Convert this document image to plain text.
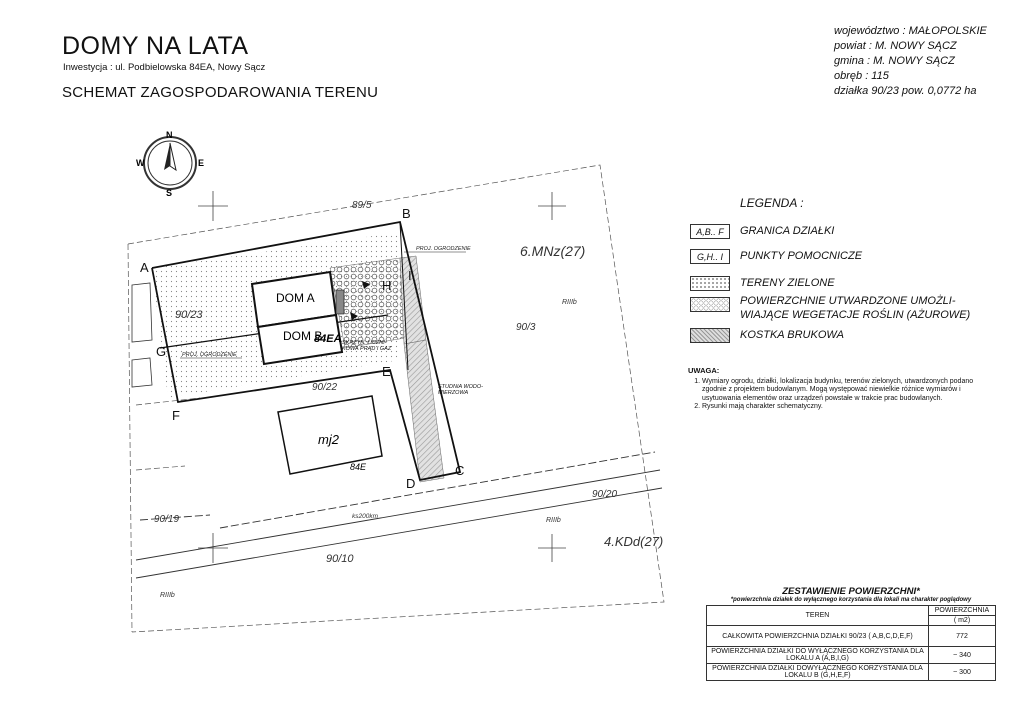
DOMY NA LATA
Inwestycja : ul. Podbielowska 84EA, Nowy Sącz
SCHEMAT ZAGOSPODAROWANIA TERENU
województwo : MAŁOPOLSKIE
powiat : M. NOWY SĄCZ
gmina : M. NOWY SĄCZ
obręb : 115
działka 90/23 pow. 0,0772 ha
N
S
E
W
DOM A
DOM B
84EA
mj2
84E
A
B
C
D
E
F
G
H
I
89/5
90/23
90/3
90/22
90/19
90/20
90/10
6.MNz(27)
4.KDd(27)
RIIIb
RIIIb
RIIIb
ks200km
PROJ. OGRODZENIE
PROJ. OGRODZENIE
SKRZYN. LICZNI- KOWA PRĄD I GAZ
STUDNIA WODO- MIERZOWA
LEGENDA :
A,B.. F	GRANICA DZIAŁKI
G,H.. I	PUNKTY POMOCNICZE
TERENY ZIELONE
POWIERZCHNIE UTWARDZONE UMOŻLI- WIAJĄCE WEGETACJE ROŚLIN (AŻUROWE)
KOSTKA BRUKOWA
UWAGA:
1. Wymiary ogrodu, działki, lokalizacja budynku, terenów zielonych, utwardzonych podano zgodnie z projektem budowlanym. Mogą występować niewielkie różnice wymiarów i usytuowania elementów oraz urządzeń powstałe w trakcie prac budowlanych.
2. Rysunki mają charakter schematyczny.
ZESTAWIENIE POWIERZCHNI*
*powierzchnia działek do wyłącznego korzystania dla lokali ma charakter poglądowy
TEREN	POWIERZCHNIA
	( m2)
CAŁKOWITA POWIERZCHNIA DZIAŁKI 90/23 ( A,B,C,D,E,F)	772
POWIERZCHNIA DZIAŁKI DO WYŁĄCZNEGO KORZYSTANIA DLA LOKALU A (A,B,I,G)	~ 340
POWIERZCHNIA DZIAŁKI DOWYŁĄCZNEGO KORZYSTANIA DLA LOKALU B (G,H,E,F)	~ 300
